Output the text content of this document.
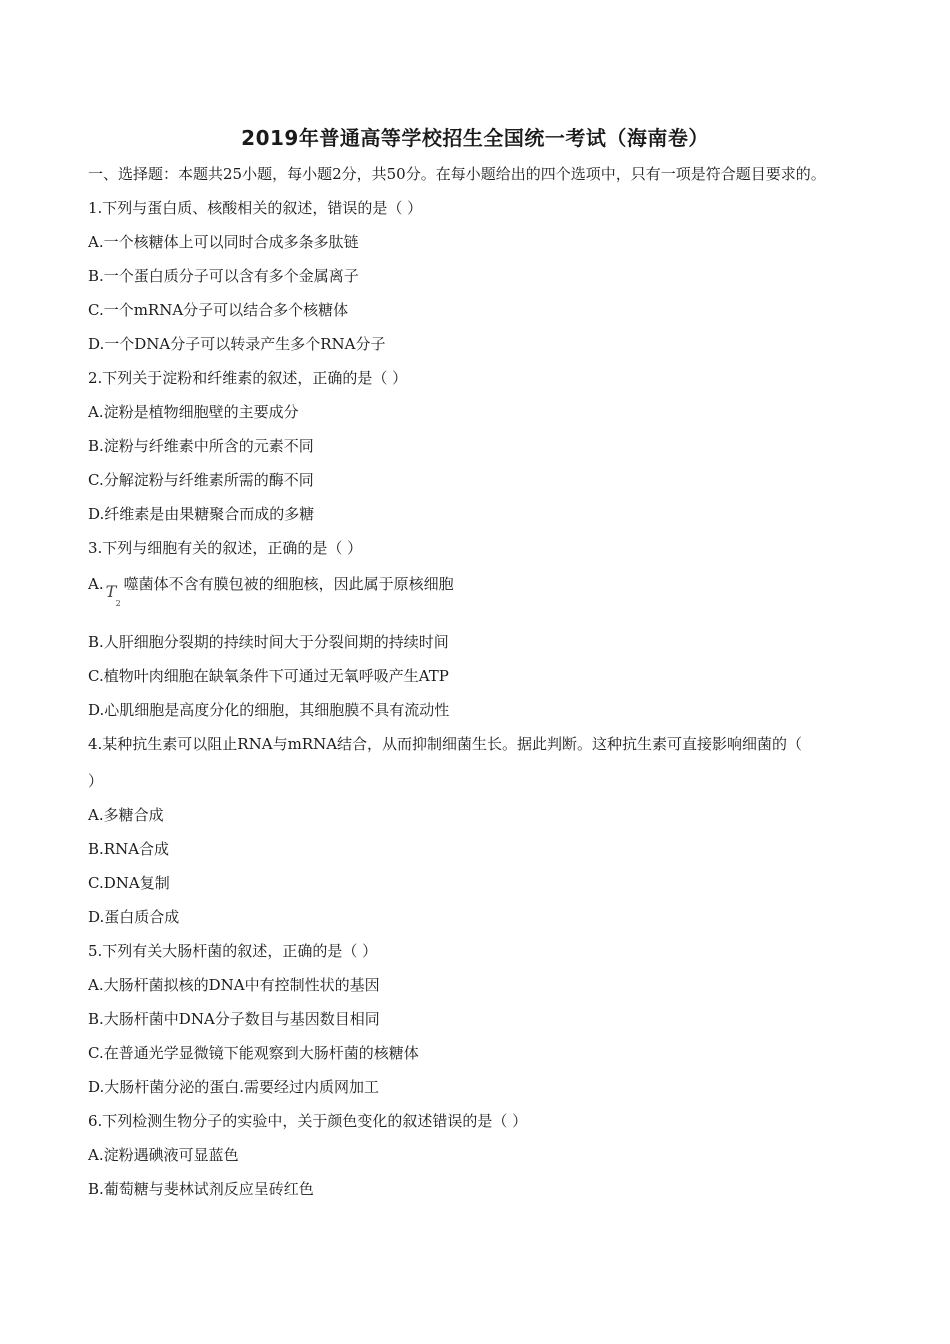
2019年普通高等学校招生全国统一考试（海南卷）
一、选择题：本题共25小题，每小题2分，共50分。在每小题给出的四个选项中，只有一项是符合题目要求的。
1.下列与蛋白质、核酸相关的叙述，错误的是（ ）
A.一个核糖体上可以同时合成多条多肽链
B.一个蛋白质分子可以含有多个金属离子
C.一个mRNA分子可以结合多个核糖体
D.一个DNA分子可以转录产生多个RNA分子
2.下列关于淀粉和纤维素的叙述，正确的是（ ）
A.淀粉是植物细胞壁的主要成分
B.淀粉与纤维素中所含的元素不同
C.分解淀粉与纤维素所需的酶不同
D.纤维素是由果糖聚合而成的多糖
3.下列与细胞有关的叙述，正确的是（ ）
A. T
2
噬菌体不含有膜包被的细胞核，因此属于原核细胞
B.人肝细胞分裂期的持续时间大于分裂间期的持续时间
C.植物叶肉细胞在缺氧条件下可通过无氧呼吸产生ATP
D.心肌细胞是高度分化的细胞，其细胞膜不具有流动性
4.某种抗生素可以阻止RNA与mRNA结合，从而抑制细菌生长。据此判断。这种抗生素可直接影响细菌的（
）
A.多糖合成
B.RNA合成
C.DNA复制
D.蛋白质合成
5.下列有关大肠杆菌的叙述，正确的是（ ）
A.大肠杆菌拟核的DNA中有控制性状的基因
B.大肠杆菌中DNA分子数目与基因数目相同
C.在普通光学显微镜下能观察到大肠杆菌的核糖体
D.大肠杆菌分泌的蛋白.需要经过内质网加工
6.下列检测生物分子的实验中，关于颜色变化的叙述错误的是（ ）
A.淀粉遇碘液可显蓝色
B.葡萄糖与斐林试剂反应呈砖红色
